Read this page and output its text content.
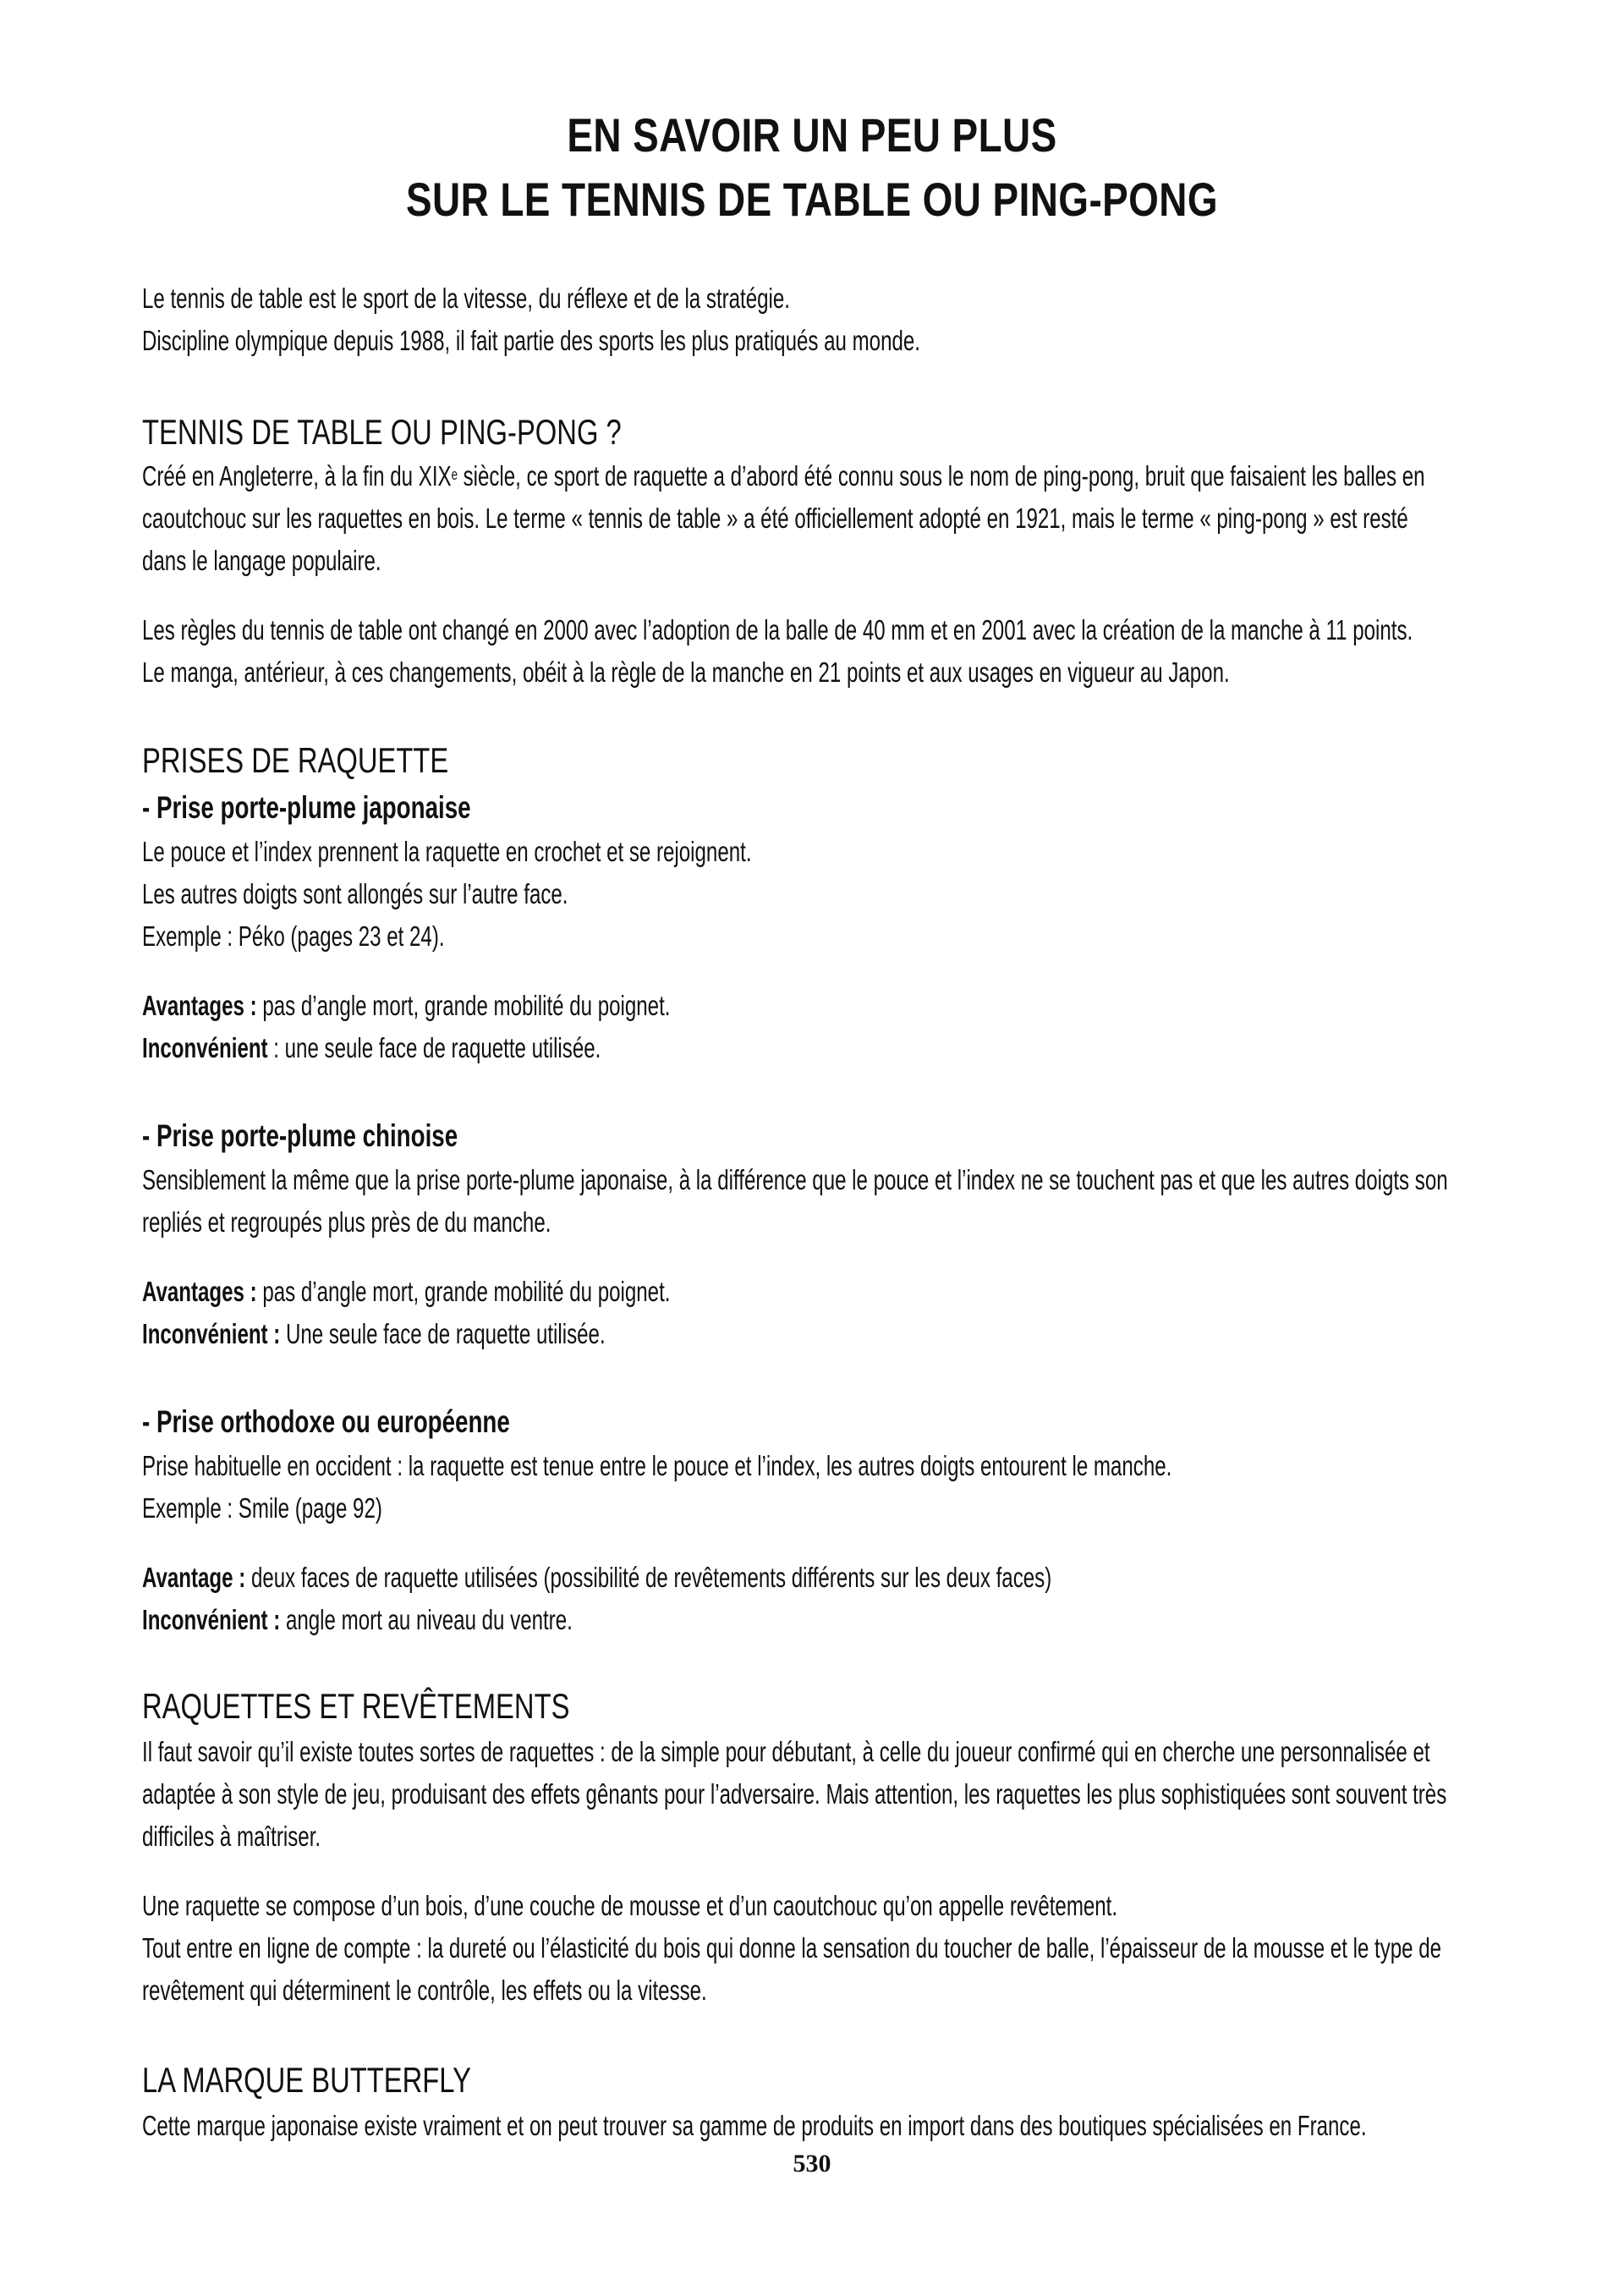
EN SAVOIR UN PEU PLUS
SUR LE TENNIS DE TABLE OU PING-PONG

Le tennis de table est le sport de la vitesse, du réflexe et de la stratégie.

Discipline olympique depuis 1988, il fait partie des sports les plus pratiqués au monde.

TENNIS DE TABLE OU PING-PONG ?

Créé en Angleterre, à la fin du XIXe siècle, ce sport de raquette a d’abord été connu sous le nom de ping-pong, bruit que faisaient les balles en

caoutchouc sur les raquettes en bois. Le terme « tennis de table » a été officiellement adopté en 1921, mais le terme « ping-pong » est resté

dans le langage populaire.

Les règles du tennis de table ont changé en 2000 avec l’adoption de la balle de 40 mm et en 2001 avec la création de la manche à 11 points.

Le manga, antérieur, à ces changements, obéit à la règle de la manche en 21 points et aux usages en vigueur au Japon.

PRISES DE RAQUETTE
- Prise porte-plume japonaise

Le pouce et l’index prennent la raquette en crochet et se rejoignent.

Les autres doigts sont allongés sur l’autre face.

Exemple : Péko (pages 23 et 24).

Avantages : pas d’angle mort, grande mobilité du poignet.

Inconvénient : une seule face de raquette utilisée.

- Prise porte-plume chinoise

Sensiblement la même que la prise porte-plume japonaise, à la différence que le pouce et l’index ne se touchent pas et que les autres doigts son

repliés et regroupés plus près de du manche.

Avantages : pas d’angle mort, grande mobilité du poignet.

Inconvénient : Une seule face de raquette utilisée.

- Prise orthodoxe ou européenne

Prise habituelle en occident : la raquette est tenue entre le pouce et l’index, les autres doigts entourent le manche.

Exemple : Smile (page 92)

Avantage : deux faces de raquette utilisées (possibilité de revêtements différents sur les deux faces)

Inconvénient : angle mort au niveau du ventre.

RAQUETTES ET REVÊTEMENTS

Il faut savoir qu’il existe toutes sortes de raquettes : de la simple pour débutant, à celle du joueur confirmé qui en cherche une personnalisée et

adaptée à son style de jeu, produisant des effets gênants pour l’adversaire. Mais attention, les raquettes les plus sophistiquées sont souvent très

difficiles à maîtriser.

Une raquette se compose d’un bois, d’une couche de mousse et d’un caoutchouc qu’on appelle revêtement.

Tout entre en ligne de compte : la dureté ou l’élasticité du bois qui donne la sensation du toucher de balle, l’épaisseur de la mousse et le type de

revêtement qui déterminent le contrôle, les effets ou la vitesse.

LA MARQUE BUTTERFLY

Cette marque japonaise existe vraiment et on peut trouver sa gamme de produits en import dans des boutiques spécialisées en France.

530
